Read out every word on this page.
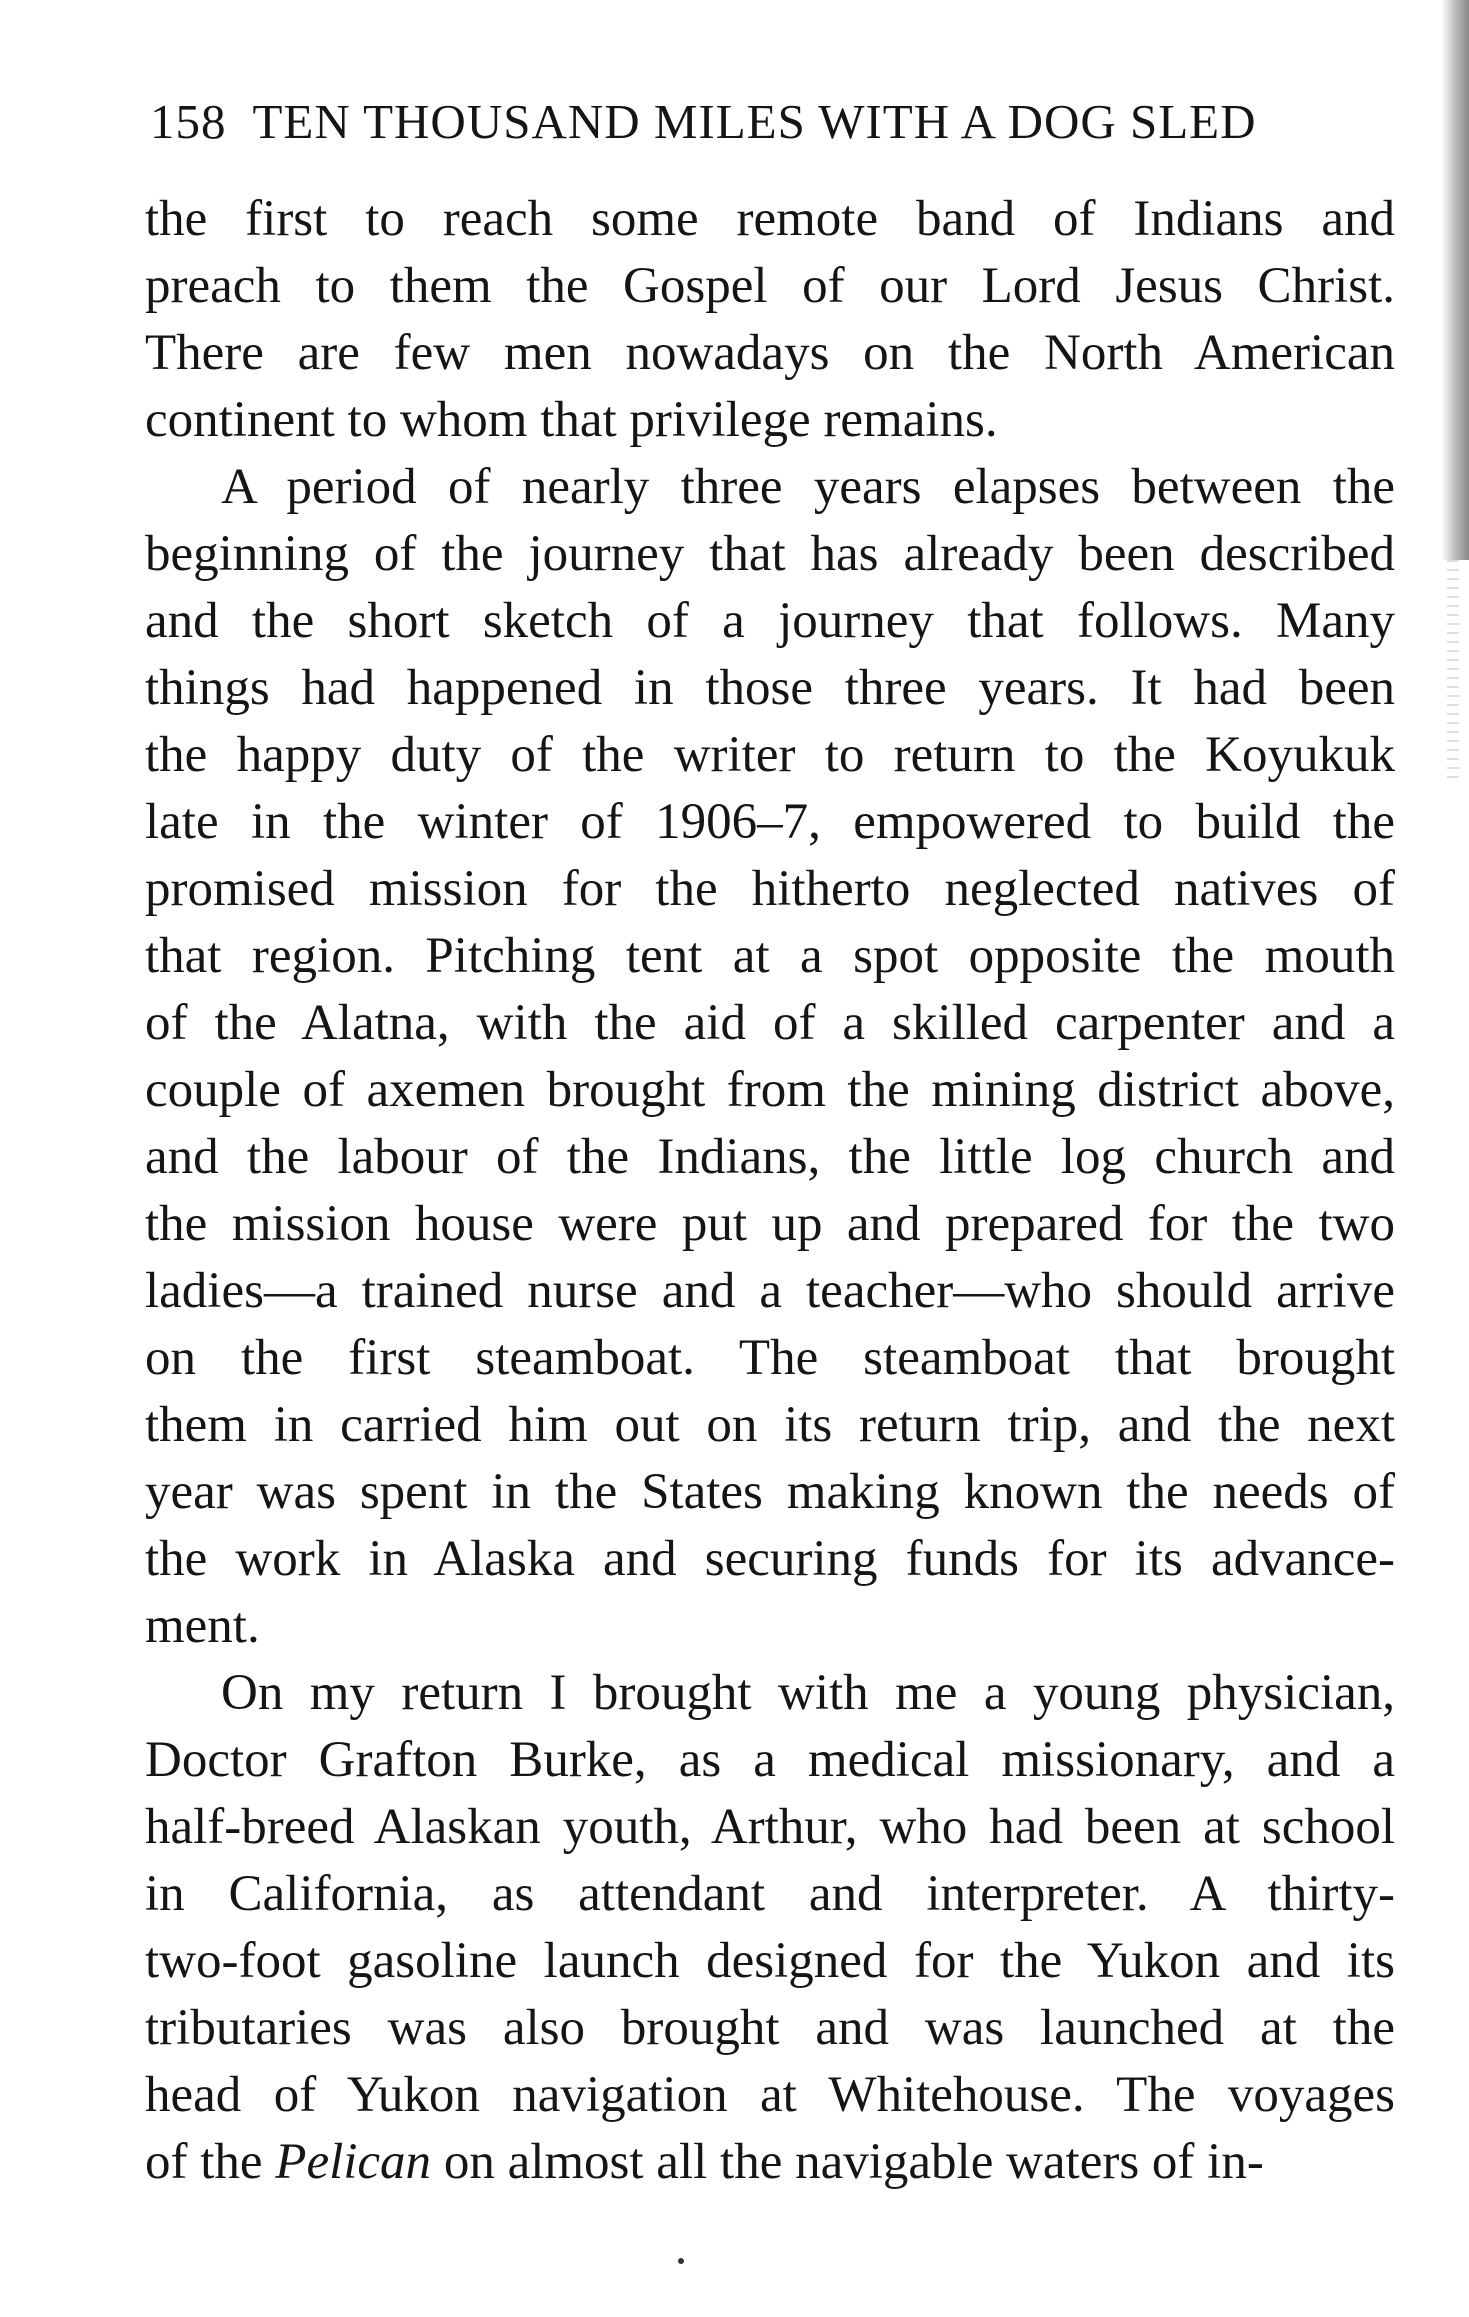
158 TEN THOUSAND MILES WITH A DOG SLED
the first to reach some remote band of Indians and
preach to them the Gospel of our Lord Jesus Christ.
There are few men nowadays on the North American
continent to whom that privilege remains.
A period of nearly three years elapses between the
beginning of the journey that has already been described
and the short sketch of a journey that follows. Many
things had happened in those three years. It had been
the happy duty of the writer to return to the Koyukuk
late in the winter of 1906–7, empowered to build the
promised mission for the hitherto neglected natives of
that region. Pitching tent at a spot opposite the mouth
of the Alatna, with the aid of a skilled carpenter and a
couple of axemen brought from the mining district above,
and the labour of the Indians, the little log church and
the mission house were put up and prepared for the two
ladies—a trained nurse and a teacher—who should arrive
on the first steamboat. The steamboat that brought
them in carried him out on its return trip, and the next
year was spent in the States making known the needs of
the work in Alaska and securing funds for its advance-
ment.
On my return I brought with me a young physician,
Doctor Grafton Burke, as a medical missionary, and a
half-breed Alaskan youth, Arthur, who had been at school
in California, as attendant and interpreter. A thirty-
two-foot gasoline launch designed for the Yukon and its
tributaries was also brought and was launched at the
head of Yukon navigation at Whitehouse. The voyages
of the Pelican on almost all the navigable waters of in-
